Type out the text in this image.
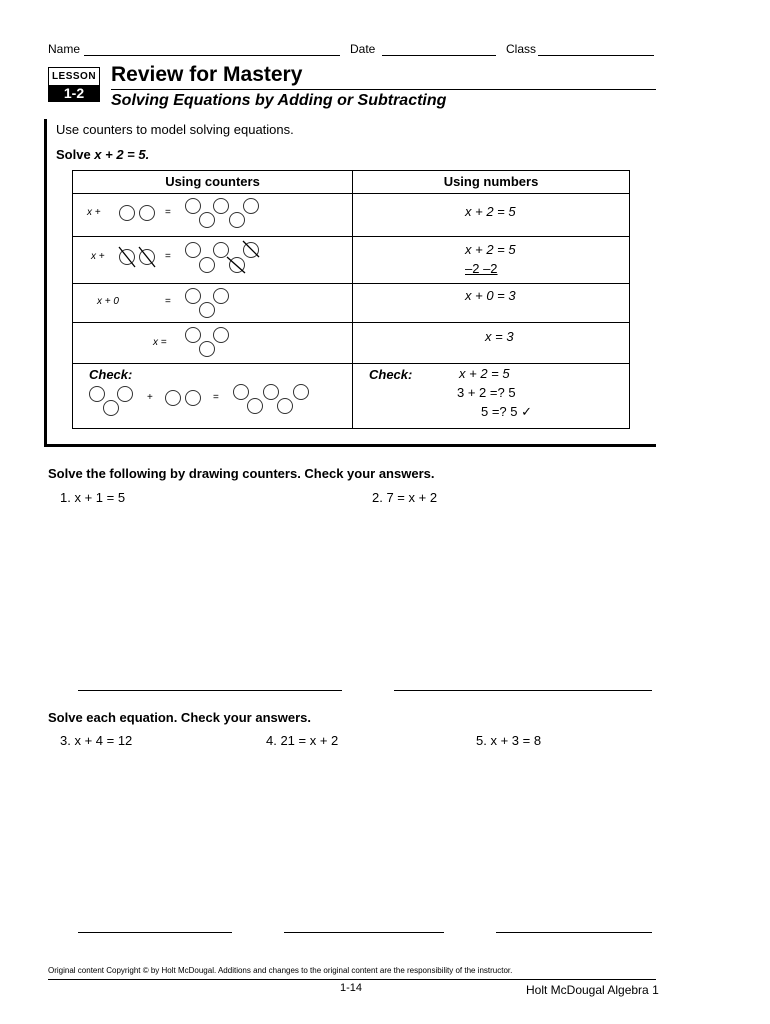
Name	Date	Class
LESSON
1-2
Review for Mastery
Solving Equations by Adding or Subtracting
Use counters to model solving equations.
Solve x + 2 = 5.
Using counters	Using numbers

x + =	x + 2 = 5

x + =	x + 2 = 5
–2 –2

x + 0 =	x + 0 = 3

x =	x = 3

Check:
+ =	Check: x + 2 = 5
3 + 2 =? 5
5 =? 5 ✓
Solve the following by drawing counters. Check your answers.
1. x + 1 = 5	2. 7 = x + 2
Solve each equation. Check your answers.
3. x + 4 = 12	4. 21 = x + 2	5. x + 3 = 8
Original content Copyright © by Holt McDougal. Additions and changes to the original content are the responsibility of the instructor.
1-14	Holt McDougal Algebra 1
